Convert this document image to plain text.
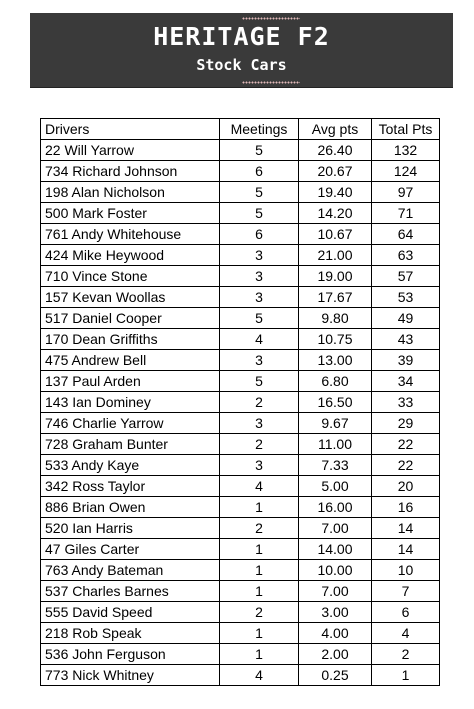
HERITAGE F2
Stock Cars
Drivers	Meetings	Avg pts	Total Pts
22 Will Yarrow	5	26.40	132
734 Richard Johnson	6	20.67	124
198 Alan Nicholson	5	19.40	97
500 Mark Foster	5	14.20	71
761 Andy Whitehouse	6	10.67	64
424 Mike Heywood	3	21.00	63
710 Vince Stone	3	19.00	57
157 Kevan Woollas	3	17.67	53
517 Daniel Cooper	5	9.80	49
170 Dean Griffiths	4	10.75	43
475 Andrew Bell	3	13.00	39
137 Paul Arden	5	6.80	34
143 Ian Dominey	2	16.50	33
746 Charlie Yarrow	3	9.67	29
728 Graham Bunter	2	11.00	22
533 Andy Kaye	3	7.33	22
342 Ross Taylor	4	5.00	20
886 Brian Owen	1	16.00	16
520 Ian Harris	2	7.00	14
47 Giles Carter	1	14.00	14
763 Andy Bateman	1	10.00	10
537 Charles Barnes	1	7.00	7
555 David Speed	2	3.00	6
218 Rob Speak	1	4.00	4
536 John Ferguson	1	2.00	2
773 Nick Whitney	4	0.25	1
